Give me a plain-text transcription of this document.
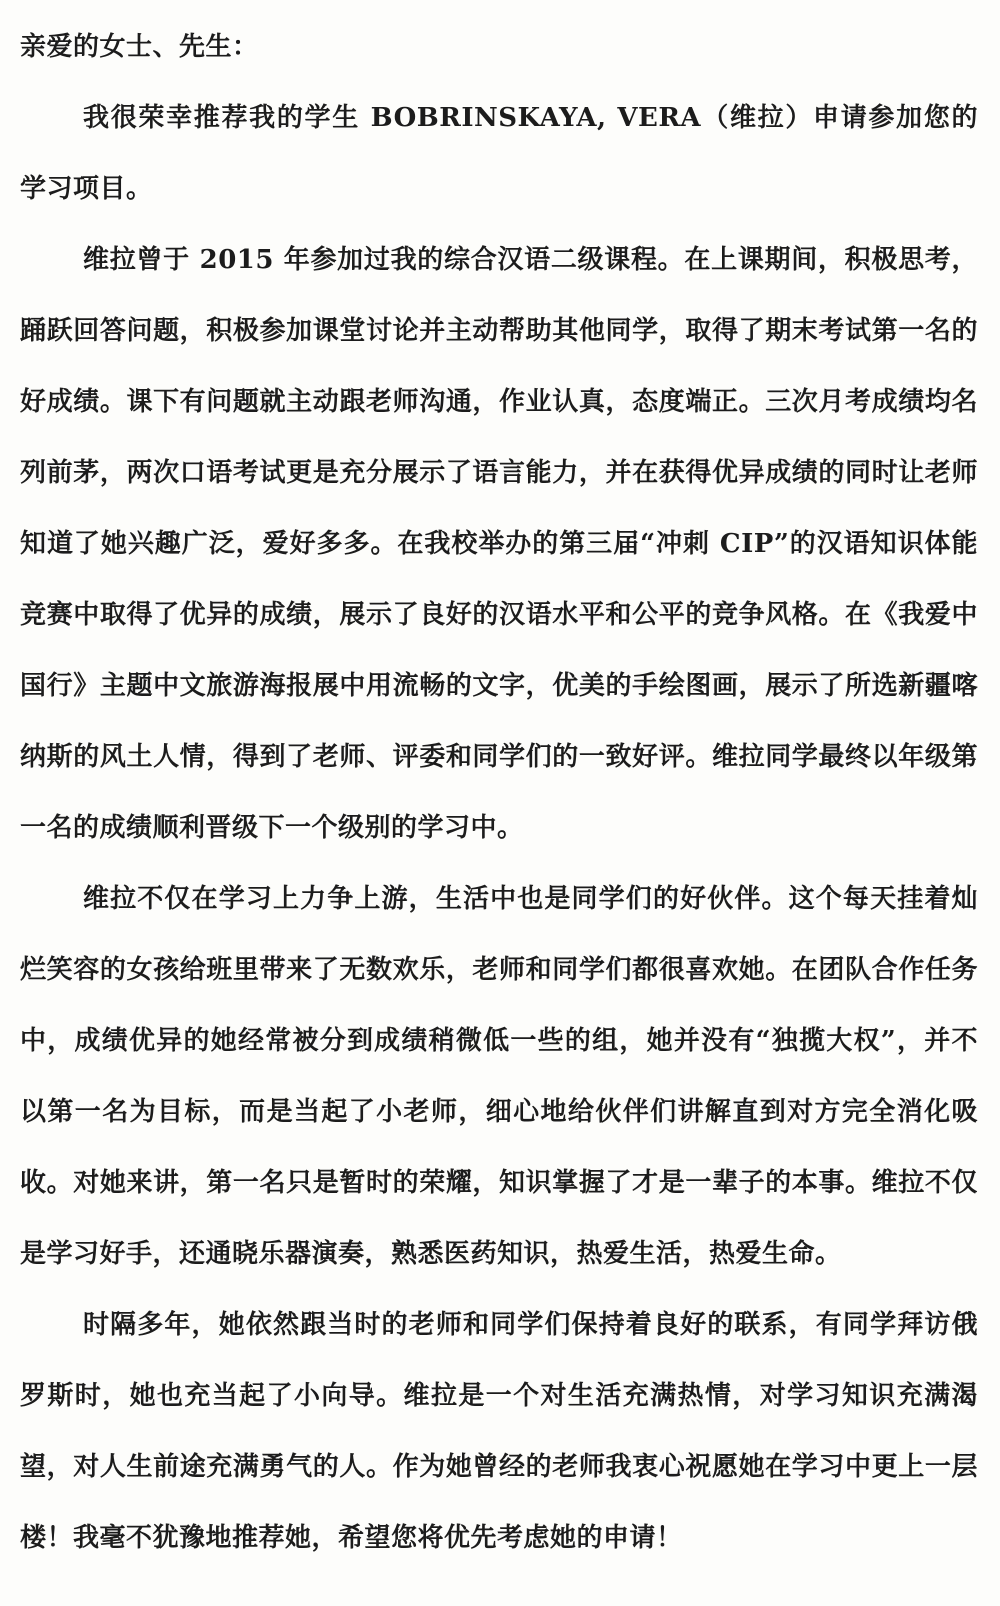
亲爱的女士、先生：

我很荣幸推荐我的学生 BOBRINSKAYA, VERA（维拉）申请参加您的学习项目。

维拉曾于 2015 年参加过我的综合汉语二级课程。在上课期间，积极思考，踊跃回答问题，积极参加课堂讨论并主动帮助其他同学，取得了期末考试第一名的好成绩。课下有问题就主动跟老师沟通，作业认真，态度端正。三次月考成绩均名列前茅，两次口语考试更是充分展示了语言能力，并在获得优异成绩的同时让老师知道了她兴趣广泛，爱好多多。在我校举办的第三届“冲刺 CIP”的汉语知识体能竞赛中取得了优异的成绩，展示了良好的汉语水平和公平的竞争风格。在《我爱中国行》主题中文旅游海报展中用流畅的文字，优美的手绘图画，展示了所选新疆喀纳斯的风土人情，得到了老师、评委和同学们的一致好评。维拉同学最终以年级第一名的成绩顺利晋级下一个级别的学习中。

维拉不仅在学习上力争上游，生活中也是同学们的好伙伴。这个每天挂着灿烂笑容的女孩给班里带来了无数欢乐，老师和同学们都很喜欢她。在团队合作任务中，成绩优异的她经常被分到成绩稍微低一些的组，她并没有“独揽大权”，并不以第一名为目标，而是当起了小老师，细心地给伙伴们讲解直到对方完全消化吸收。对她来讲，第一名只是暂时的荣耀，知识掌握了才是一辈子的本事。维拉不仅是学习好手，还通晓乐器演奏，熟悉医药知识，热爱生活，热爱生命。

时隔多年，她依然跟当时的老师和同学们保持着良好的联系，有同学拜访俄罗斯时，她也充当起了小向导。维拉是一个对生活充满热情，对学习知识充满渴望，对人生前途充满勇气的人。作为她曾经的老师我衷心祝愿她在学习中更上一层楼！我毫不犹豫地推荐她，希望您将优先考虑她的申请！
